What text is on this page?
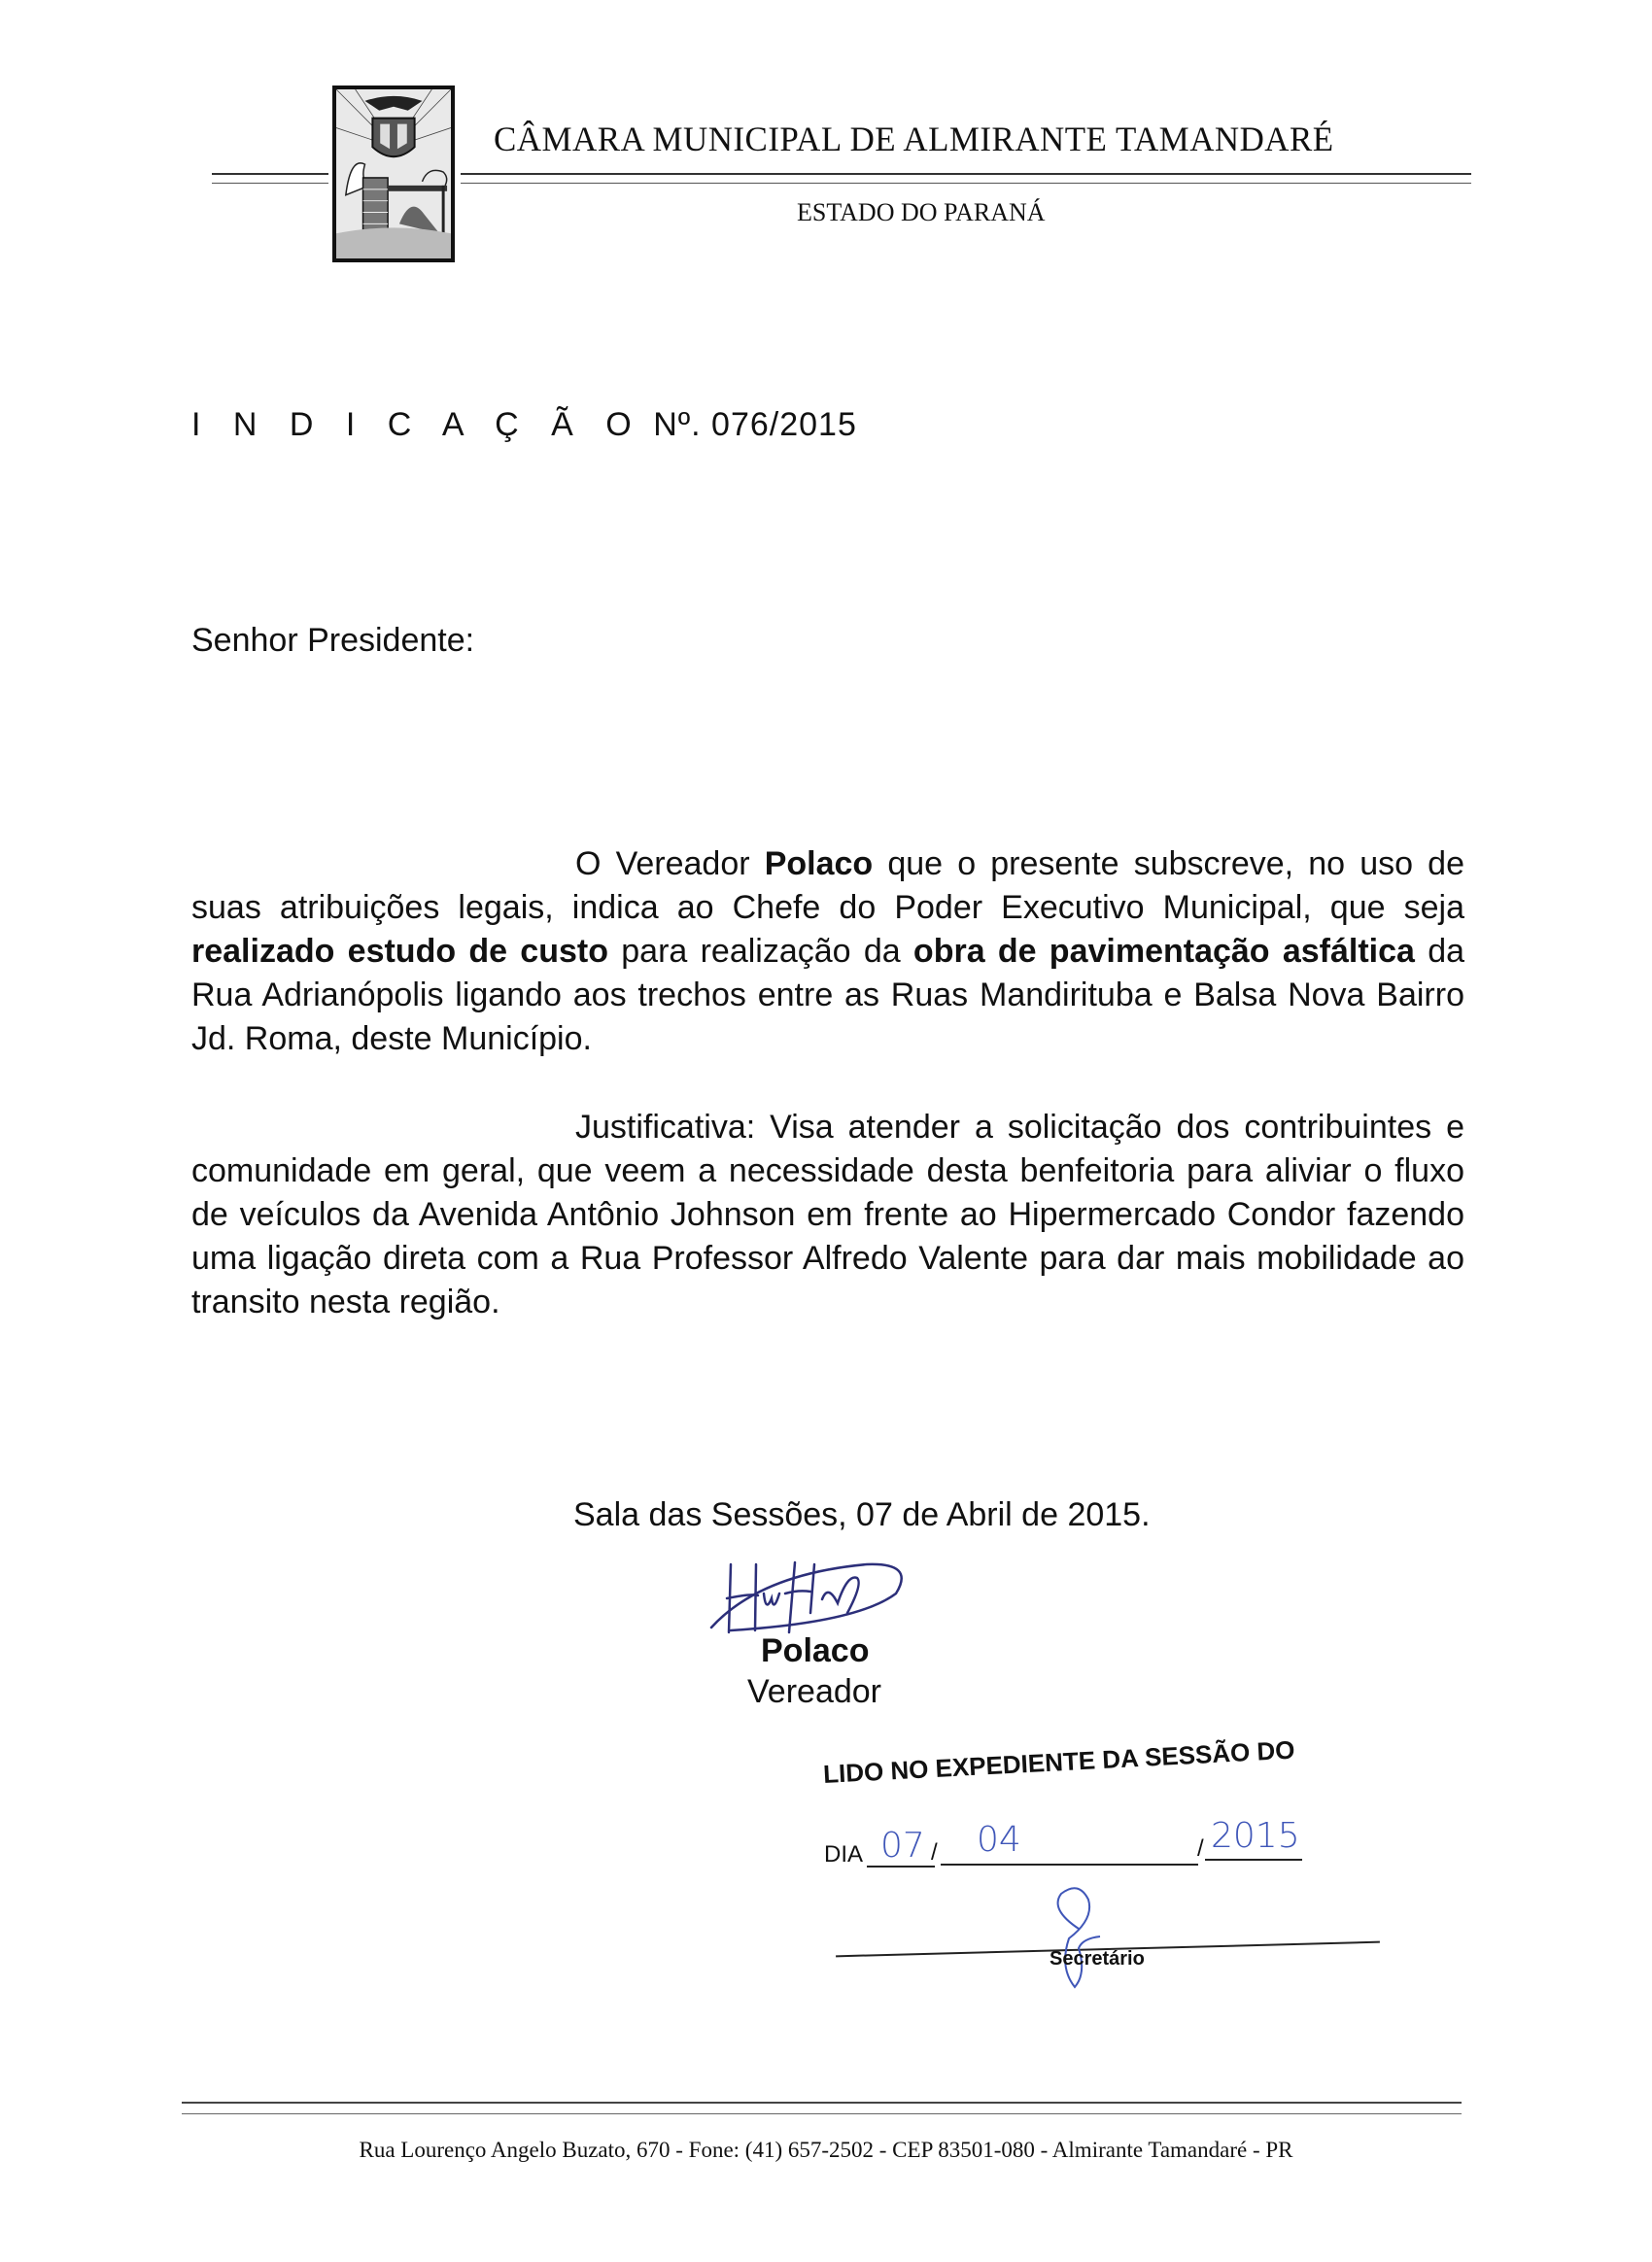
CÂMARA MUNICIPAL DE ALMIRANTE TAMANDARÉ
ESTADO DO PARANÁ
I N D I C A Ç Ã O Nº. 076/2015
Senhor Presidente:

O Vereador Polaco que o presente subscreve, no uso de suas atribuições legais, indica ao Chefe do Poder Executivo Municipal, que seja realizado estudo de custo para realização da obra de pavimentação asfáltica da Rua Adrianópolis ligando aos trechos entre as Ruas Mandirituba e Balsa Nova Bairro Jd. Roma, deste Município.

Justificativa: Visa atender a solicitação dos contribuintes e comunidade em geral, que veem a necessidade desta benfeitoria para aliviar o fluxo de veículos da Avenida Antônio Johnson em frente ao Hipermercado Condor fazendo uma ligação direta com a Rua Professor Alfredo Valente para dar mais mobilidade ao transito nesta região.

Sala das Sessões, 07 de Abril de 2015.
Polaco
Vereador
LIDO NO EXPEDIENTE DA SESSÃO DO
DIA	/	/
07 04	2015
Secretário
Rua Lourenço Angelo Buzato, 670 - Fone: (41) 657-2502 - CEP 83501-080 - Almirante Tamandaré - PR
